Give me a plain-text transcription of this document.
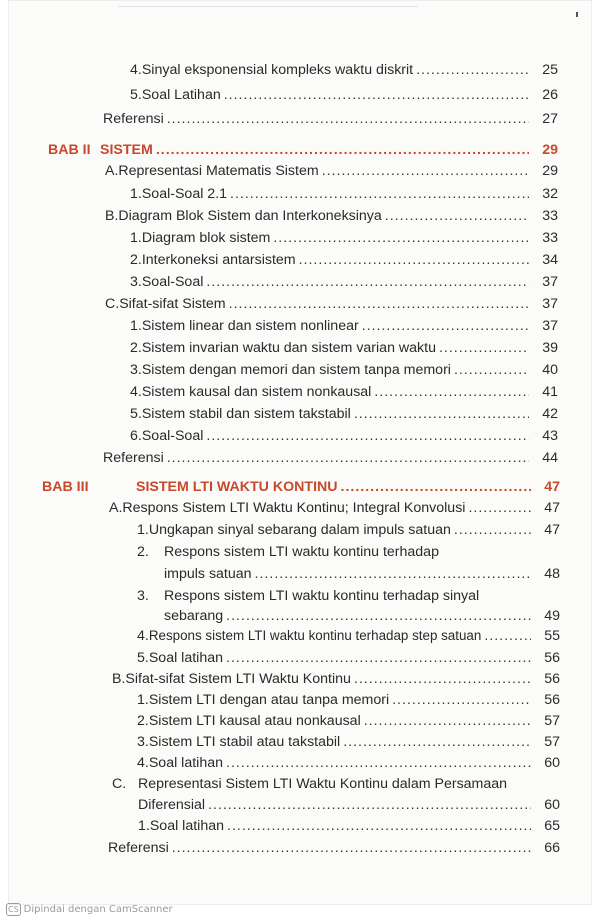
4. Sinyal eksponensial kompleks waktu diskrit .....	25
5. Soal Latihan .....	26
Referensi .....	27
BAB II SISTEM .....	29
A. Representasi Matematis Sistem .....	29
1. Soal-Soal 2.1 .....	32
B. Diagram Blok Sistem dan Interkoneksinya .....	33
1. Diagram blok sistem .....	33
2. Interkoneksi antarsistem .....	34
3. Soal-Soal .....	37
C. Sifat-sifat Sistem .....	37
1. Sistem linear dan sistem nonlinear .....	37
2. Sistem invarian waktu dan sistem varian waktu .....	39
3. Sistem dengan memori dan sistem tanpa memori .....	40
4. Sistem kausal dan sistem nonkausal .....	41
5. Sistem stabil dan sistem takstabil .....	42
6. Soal-Soal .....	43
Referensi .....	44
BAB III	SISTEM LTI WAKTU KONTINU .....	47
A. Respons Sistem LTI Waktu Kontinu; Integral Konvolusi .....	47
1. Ungkapan sinyal sebarang dalam impuls satuan .....	47
2. Respons sistem LTI waktu kontinu terhadap
impuls satuan .....	48
3. Respons sistem LTI waktu kontinu terhadap sinyal
sebarang .....	49
4. Respons sistem LTI waktu kontinu terhadap step satuan .....	55
5. Soal latihan .....	56
B. Sifat-sifat Sistem LTI Waktu Kontinu .....	56
1. Sistem LTI dengan atau tanpa memori .....	56
2. Sistem LTI kausal atau nonkausal .....	57
3. Sistem LTI stabil atau takstabil .....	57
4. Soal latihan .....	60
C. Representasi Sistem LTI Waktu Kontinu dalam Persamaan
Diferensial .....	60
1. Soal latihan .....	65
Referensi .....	66
CS Dipindai dengan CamScanner
